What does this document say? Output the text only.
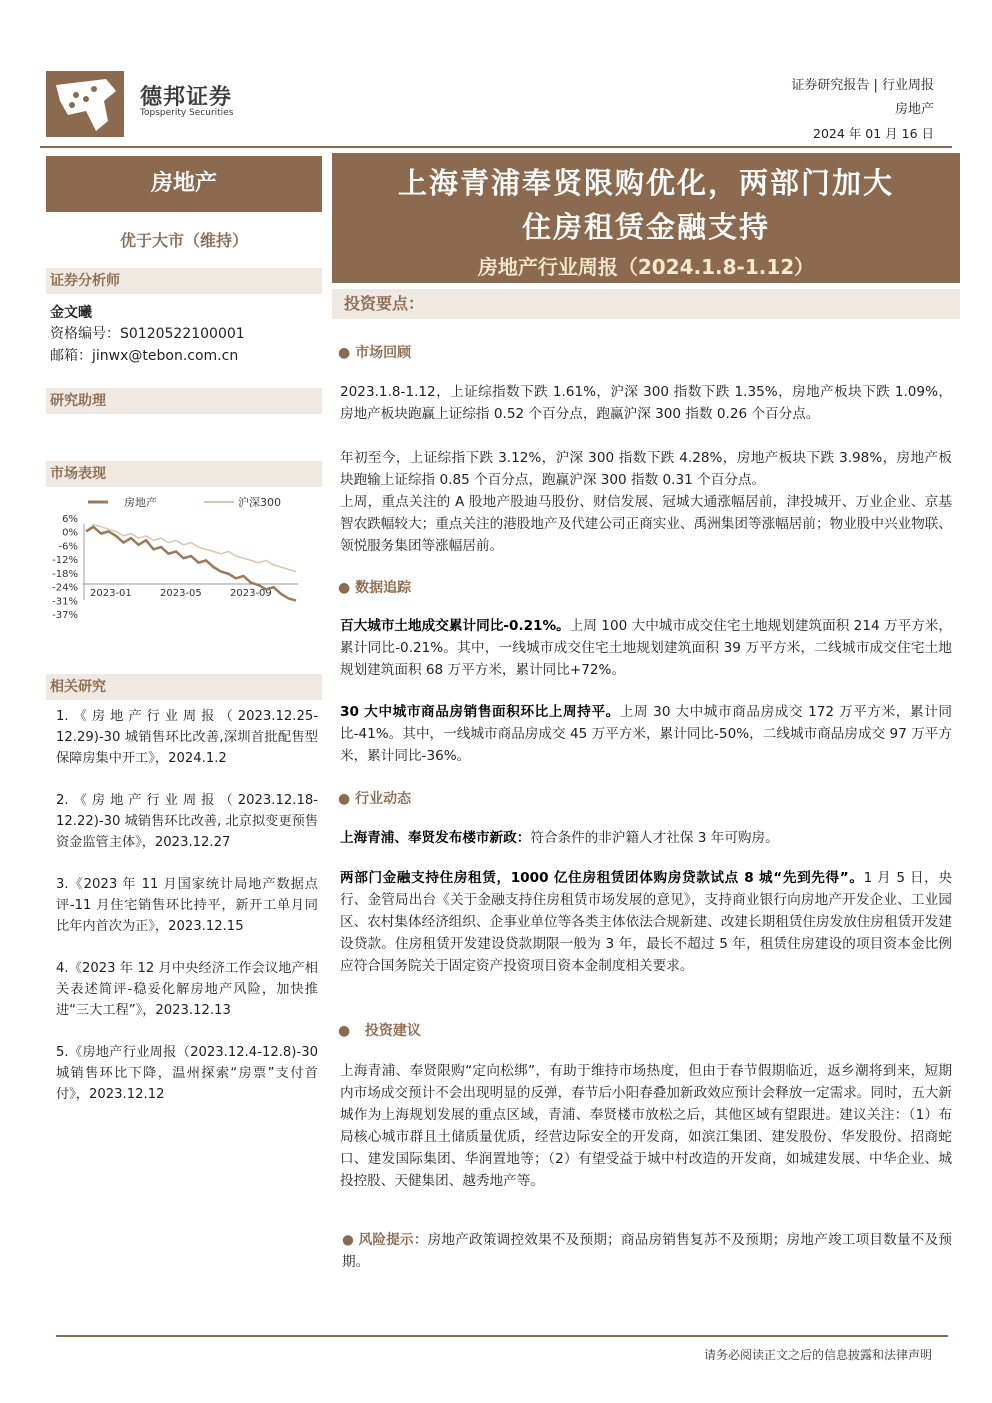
德邦证券
Topsperity Securities
证券研究报告 | 行业周报
房地产
2024 年 01 月 16 日
房地产
优于大市（维持）
证券分析师
金文曦
资格编号：S0120522100001
邮箱：jinwx@tebon.com.cn
研究助理
市场表现
房地产	沪深300
6%
0%
-6%
-12%
-18%
-24%
-31%
-37%
2023-01	2023-05	2023-09
相关研究
1.《房地产行业周报（2023.12.25-12.29)-30 城销售环比改善,深圳首批配售型保障房集中开工》，2024.1.2
2.《房地产行业周报（2023.12.18-12.22)-30 城销售环比改善, 北京拟变更预售资金监管主体》，2023.12.27
3.《2023 年 11 月国家统计局地产数据点评-11 月住宅销售环比持平，新开工单月同比年内首次为正》，2023.12.15
4.《2023 年 12 月中央经济工作会议地产相关表述简评-稳妥化解房地产风险，加快推进“三大工程”》，2023.12.13
5.《房地产行业周报（2023.12.4-12.8)-30 城销售环比下降，温州探索“房票”支付首付》，2023.12.12
上海青浦奉贤限购优化，两部门加大
住房租赁金融支持
房地产行业周报（2024.1.8-1.12）
投资要点：
● 市场回顾
2023.1.8-1.12，上证综指数下跌 1.61%，沪深 300 指数下跌 1.35%，房地产板块下跌 1.09%，房地产板块跑赢上证综指 0.52 个百分点，跑赢沪深 300 指数 0.26 个百分点。
年初至今，上证综指下跌 3.12%，沪深 300 指数下跌 4.28%，房地产板块下跌 3.98%，房地产板块跑输上证综指 0.85 个百分点，跑赢沪深 300 指数 0.31 个百分点。
上周，重点关注的 A 股地产股迪马股份、财信发展、冠城大通涨幅居前，津投城开、万业企业、京基智农跌幅较大；重点关注的港股地产及代建公司正商实业、禹洲集团等涨幅居前；物业股中兴业物联、领悦服务集团等涨幅居前。
● 数据追踪
百大城市土地成交累计同比-0.21%。上周 100 大中城市成交住宅土地规划建筑面积 214 万平方米，累计同比-0.21%。其中，一线城市成交住宅土地规划建筑面积 39 万平方米，二线城市成交住宅土地规划建筑面积 68 万平方米，累计同比+72%。
30 大中城市商品房销售面积环比上周持平。上周 30 大中城市商品房成交 172 万平方米，累计同比-41%。其中，一线城市商品房成交 45 万平方米，累计同比-50%，二线城市商品房成交 97 万平方米，累计同比-36%。
● 行业动态
上海青浦、奉贤发布楼市新政：符合条件的非沪籍人才社保 3 年可购房。
两部门金融支持住房租赁，1000 亿住房租赁团体购房贷款试点 8 城“先到先得”。1 月 5 日，央行、金管局出台《关于金融支持住房租赁市场发展的意见》，支持商业银行向房地产开发企业、工业园区、农村集体经济组织、企事业单位等各类主体依法合规新建、改建长期租赁住房发放住房租赁开发建设贷款。住房租赁开发建设贷款期限一般为 3 年，最长不超过 5 年，租赁住房建设的项目资本金比例应符合国务院关于固定资产投资项目资本金制度相关要求。
●   投资建议
上海青浦、奉贤限购“定向松绑”，有助于维持市场热度，但由于春节假期临近，返乡潮将到来，短期内市场成交预计不会出现明显的反弹，春节后小阳春叠加新政效应预计会释放一定需求。同时，五大新城作为上海规划发展的重点区域，青浦、奉贤楼市放松之后，其他区域有望跟进。建议关注：（1）布局核心城市群且土储质量优质，经营边际安全的开发商，如滨江集团、建发股份、华发股份、招商蛇口、建发国际集团、华润置地等；（2）有望受益于城中村改造的开发商，如城建发展、中华企业、城投控股、天健集团、越秀地产等。
● 风险提示：房地产政策调控效果不及预期；商品房销售复苏不及预期；房地产竣工项目数量不及预期。
请务必阅读正文之后的信息披露和法律声明
